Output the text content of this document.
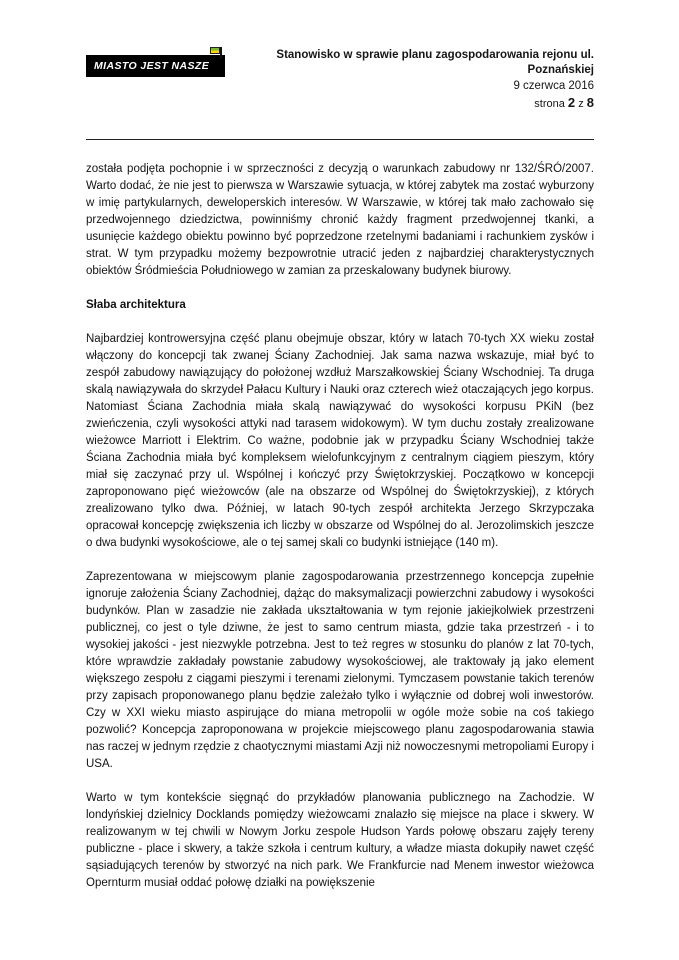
MIASTO JEST NASZE
Stanowisko w sprawie planu zagospodarowania rejonu ul. Poznańskiej
9 czerwca 2016
strona 2 z 8

została podjęta pochopnie i w sprzeczności z decyzją o warunkach zabudowy nr 132/ŚRÓ/2007. Warto dodać, że nie jest to pierwsza w Warszawie sytuacja, w której zabytek ma zostać wyburzony w imię partykularnych, deweloperskich interesów. W Warszawie, w której tak mało zachowało się przedwojennego dziedzictwa, powinniśmy chronić każdy fragment przedwojennej tkanki, a usunięcie każdego obiektu powinno być poprzedzone rzetelnymi badaniami i rachunkiem zysków i strat. W tym przypadku możemy bezpowrotnie utracić jeden z najbardziej charakterystycznych obiektów Śródmieścia Południowego w zamian za przeskalowany budynek biurowy.

Słaba architektura

Najbardziej kontrowersyjna część planu obejmuje obszar, który w latach 70-tych XX wieku został włączony do koncepcji tak zwanej Ściany Zachodniej. Jak sama nazwa wskazuje, miał być to zespół zabudowy nawiązujący do położonej wzdłuż Marszałkowskiej Ściany Wschodniej. Ta druga skalą nawiązywała do skrzydeł Pałacu Kultury i Nauki oraz czterech wież otaczających jego korpus. Natomiast Ściana Zachodnia miała skalą nawiązywać do wysokości korpusu PKiN (bez zwieńczenia, czyli wysokości attyki nad tarasem widokowym). W tym duchu zostały zrealizowane wieżowce Marriott i Elektrim. Co ważne, podobnie jak w przypadku Ściany Wschodniej także Ściana Zachodnia miała być kompleksem wielofunkcyjnym z centralnym ciągiem pieszym, który miał się zaczynać przy ul. Wspólnej i kończyć przy Świętokrzyskiej. Początkowo w koncepcji zaproponowano pięć wieżowców (ale na obszarze od Wspólnej do Świętokrzyskiej), z których zrealizowano tylko dwa. Później, w latach 90-tych zespół architekta Jerzego Skrzypczaka opracował koncepcję zwiększenia ich liczby w obszarze od Wspólnej do al. Jerozolimskich jeszcze o dwa budynki wysokościowe, ale o tej samej skali co budynki istniejące (140 m).

Zaprezentowana w miejscowym planie zagospodarowania przestrzennego koncepcja zupełnie ignoruje założenia Ściany Zachodniej, dążąc do maksymalizacji powierzchni zabudowy i wysokości budynków. Plan w zasadzie nie zakłada ukształtowania w tym rejonie jakiejkolwiek przestrzeni publicznej, co jest o tyle dziwne, że jest to samo centrum miasta, gdzie taka przestrzeń - i to wysokiej jakości - jest niezwykle potrzebna. Jest to też regres w stosunku do planów z lat 70-tych, które wprawdzie zakładały powstanie zabudowy wysokościowej, ale traktowały ją jako element większego zespołu z ciągami pieszymi i terenami zielonymi. Tymczasem powstanie takich terenów przy zapisach proponowanego planu będzie zależało tylko i wyłącznie od dobrej woli inwestorów. Czy w XXI wieku miasto aspirujące do miana metropolii w ogóle może sobie na coś takiego pozwolić? Koncepcja zaproponowana w projekcie miejscowego planu zagospodarowania stawia nas raczej w jednym rzędzie z chaotycznymi miastami Azji niż nowoczesnymi metropoliami Europy i USA.

Warto w tym kontekście sięgnąć do przykładów planowania publicznego na Zachodzie. W londyńskiej dzielnicy Docklands pomiędzy wieżowcami znalazło się miejsce na place i skwery. W realizowanym w tej chwili w Nowym Jorku zespole Hudson Yards połowę obszaru zajęły tereny publiczne - place i skwery, a także szkoła i centrum kultury, a władze miasta dokupiły nawet część sąsiadujących terenów by stworzyć na nich park. We Frankfurcie nad Menem inwestor wieżowca Opernturm musiał oddać połowę działki na powiększenie
